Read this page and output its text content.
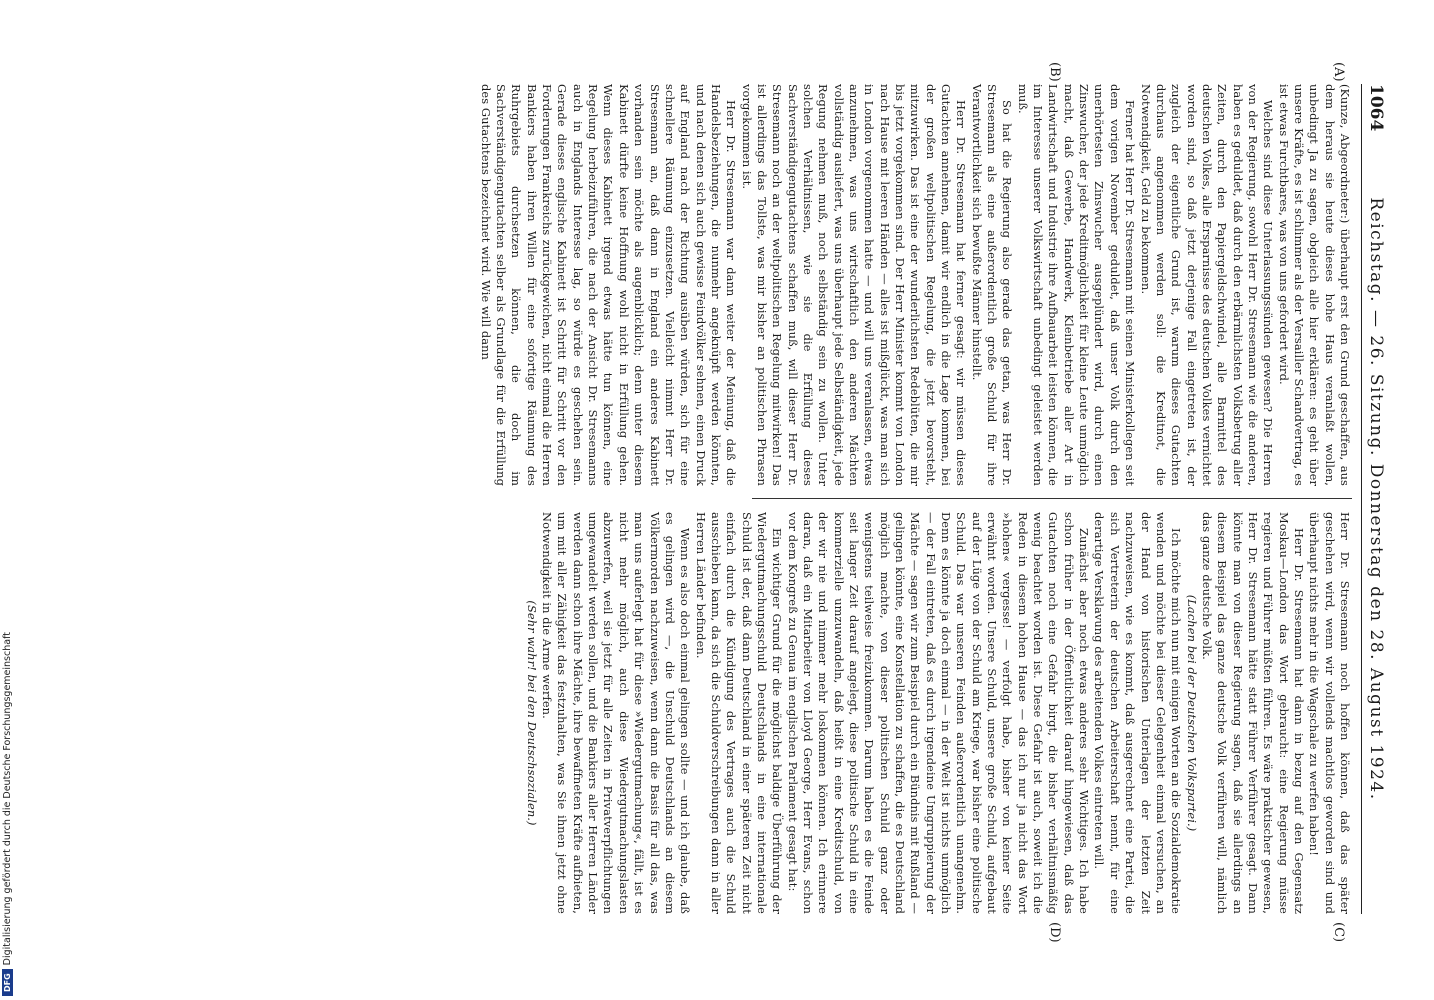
1064
Reichstag. — 26. Sitzung. Donnerstag den 28. August 1924.
(A)
(B)
(C)
(D)

(Kunze, Abgeordneter:) überhaupt erst den Grund geschaffen, aus dem heraus sie heute dieses hohe Haus veranlaßt wollen, unbedingt Ja zu sagen, obgleich alle hier erklären: es geht über unsere Kräfte, es ist schlimmer als der Versailler Schandvertrag, es ist etwas Furchtbares, was von uns gefordert wird.

Welches sind diese Unterlassungssünden gewesen? Die Herren von der Regierung, sowohl Herr Dr. Stresemann wie die anderen, haben es geduldet, daß durch den erbärmlichsten Volksbetrug aller Zeiten, durch den Papiergeldschwindel, alle Barmittel des deutschen Volkes, alle Ersparnisse des deutschen Volkes vernichtet worden sind, so daß jetzt derjenige Fall eingetreten ist, der zugleich der eigentliche Grund ist, warum dieses Gutachten durchaus angenommen werden soll: die Kreditnot, die Notwendigkeit, Geld zu bekommen.

Ferner hat Herr Dr. Stresemann mit seinen Ministerkollegen seit dem vorigen November geduldet, daß unser Volk durch den unerhörtesten Zinswucher ausgeplündert wird, durch einen Zinswucher, der jede Kreditmöglichkeit für kleine Leute unmöglich macht, daß Gewerbe, Handwerk, Kleinbetriebe aller Art in Landwirtschaft und Industrie ihre Aufbauarbeit leisten können, die im Interesse unserer Volkswirtschaft unbedingt geleistet werden muß.

So hat die Regierung also gerade das getan, was Herr Dr. Stresemann als eine außerordentlich große Schuld für ihre Verantwortlichkeit sich bewußte Männer hinstellt.

Herr Dr. Stresemann hat ferner gesagt: wir müssen dieses Gutachten annehmen, damit wir endlich in die Lage kommen, bei der großen weltpolitischen Regelung, die jetzt bevorsteht, mitzuwirken. Das ist eine der wunderlichsten Redeblüten, die mir bis jetzt vorgekommen sind. Der Herr Minister kommt von London nach Hause mit leeren Händen — alles ist mißglückt, was man sich in London vorgenommen hatte — und will uns veranlassen, etwas anzunehmen, was uns wirtschaftlich den anderen Mächten vollständig ausliefert, was uns überhaupt jede Selbständigkeit, jede Regung nehmen muß, noch selbständig sein zu wollen. Unter solchen Verhältnissen, wie sie die Erfüllung dieses Sachverständigengutachtens schaffen muß, will dieser Herr Dr. Stresemann noch an der weltpolitischen Regelung mitwirken! Das ist allerdings das Tollste, was mir bisher an politischen Phrasen vorgekommen ist.

Herr Dr. Stresemann war dann weiter der Meinung, daß die Handelsbeziehungen, die nunmehr angeknüpft werden könnten, und nach denen sich auch gewisse Feindvölker sehnen, einen Druck auf England nach der Richtung ausüben würden, sich für eine schnellere Räumung einzusetzen. Vielleicht nimmt Herr Dr. Stresemann an, daß dann in England ein anderes Kabinett vorhanden sein möchte als augenblicklich; denn unter diesem Kabinett dürfte keine Hoffnung wohl nicht in Erfüllung gehen. Wenn dieses Kabinett irgend etwas hätte tun können, eine Regelung herbeizuführen, die nach der Ansicht Dr. Stresemanns auch in Englands Interesse lag, so würde es geschehen sein. Gerade dieses englische Kabinett ist Schritt für Schritt vor den Forderungen Frankreichs zurückgewichen, nicht einmal die Herren Bankiers haben ihren Willen für eine sofortige Räumung des Ruhrgebiets durchsetzen können, die doch im Sachverständigengutachten selber als Grundlage für die Erfüllung des Gutachtens bezeichnet wird. Wie will dann

Herr Dr. Stresemann noch hoffen können, daß das später geschehen wird, wenn wir vollends machtlos geworden sind und überhaupt nichts mehr in die Wagschale zu werfen haben!

Herr Dr. Stresemann hat dann in bezug auf den Gegensatz Moskau—London das Wort gebraucht: eine Regierung müsse regieren und Führer müßten führen. Es wäre praktischer gewesen, Herr Dr. Stresemann hätte statt Führer Verführer gesagt. Dann könnte man von dieser Regierung sagen, daß sie allerdings an diesem Beispiel das ganze deutsche Volk verführen will, nämlich das ganze deutsche Volk.

(Lachen bei der Deutschen Volkspartei.)

Ich möchte mich nun mit einigen Worten an die Sozialdemokratie wenden und möchte bei dieser Gelegenheit einmal versuchen, an der Hand von historischen Unterlagen der letzten Zeit nachzuweisen, wie es kommt, daß ausgerechnet eine Partei, die sich Vertreterin der deutschen Arbeiterschaft nennt, für eine derartige Versklavung des arbeitenden Volkes eintreten will.

Zunächst aber noch etwas anderes sehr Wichtiges. Ich habe schon früher in der Öffentlichkeit darauf hingewiesen, daß das Gutachten noch eine Gefahr birgt, die bisher verhältnismäßig wenig beachtet worden ist. Diese Gefahr ist auch, soweit ich die Reden in diesem hohen Hause — das ich nur ja nicht das Wort »hohen« vergesse! — verfolgt habe, bisher von keiner Seite erwähnt worden. Unsere Schuld, unsere große Schuld, aufgebaut auf der Lüge von der Schuld am Kriege, war bisher eine politische Schuld. Das war unseren Feinden außerordentlich unangenehm. Denn es könnte ja doch einmal — in der Welt ist nichts unmöglich — der Fall eintreten, daß es durch irgendeine Umgruppierung der Mächte — sagen wir zum Beispiel durch ein Bündnis mit Rußland — gelingen könnte, eine Konstellation zu schaffen, die es Deutschland möglich machte, von dieser politischen Schuld ganz oder wenigstens teilweise freizukommen. Darum haben es die Feinde seit langer Zeit darauf angelegt, diese politische Schuld in eine kommerzielle umzuwandeln, daß heißt in eine Kreditschuld, von der wir nie und nimmer mehr loskommen können. Ich erinnere daran, daß ein Mitarbeiter von Lloyd George, Herr Evans, schon vor dem Kongreß zu Genua im englischen Parlament gesagt hat:

Ein wichtiger Grund für die möglichst baldige Überführung der Wiedergutmachungsschuld Deutschlands in eine internationale Schuld ist der, daß dann Deutschland in einer späteren Zeit nicht einfach durch die Kündigung des Vertrages auch die Schuld ausschieben kann, da sich die Schuldverschreibungen dann in aller Herren Länder befinden.

Wenn es also doch einmal gelingen sollte — und ich glaube, daß es gelingen wird —, die Unschuld Deutschlands an diesem Völkermorden nachzuweisen, wenn dann die Basis für all das, was man uns auferlegt hat für diese »Wiedergutmachung«, fällt, ist es nicht mehr möglich, auch diese Wiedergutmachungslasten abzuwerfen, weil sie jetzt für alle Zeiten in Privatverpflichtungen umgewandelt werden sollen, und die Bankiers aller Herren Länder werden dann schon ihre Mächte, ihre bewaffneten Kräfte aufbieten, um mit aller Zähigkeit das festzuhalten, was Sie ihnen jetzt ohne Notwendigkeit in die Arme werfen.

(Sehr wahr! bei den Deutschsozialen.)

DFGDigitalisierung gefördert durch die Deutsche Forschungsgemeinschaft
